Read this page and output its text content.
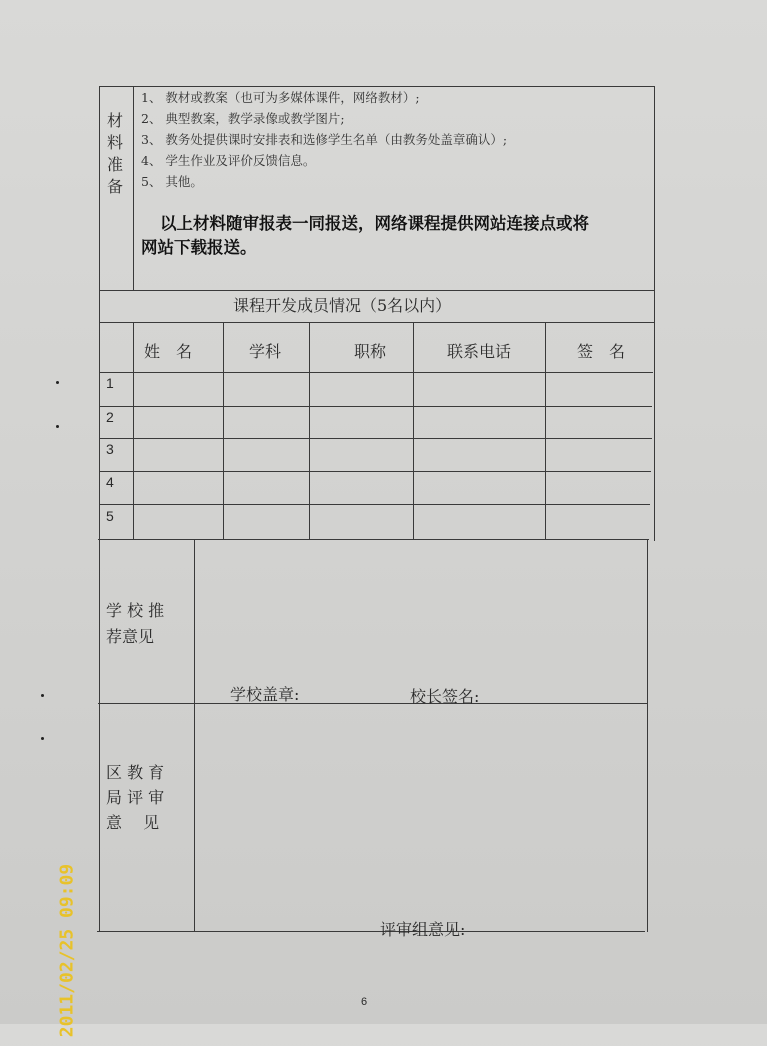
材料准备
1、 教材或教案（也可为多媒体课件，网络教材）;
2、 典型教案，教学录像或教学图片;
3、 教务处提供课时安排表和选修学生名单（由教务处盖章确认）;
4、 学生作业及评价反馈信息。
5、 其他。
以上材料随审报表一同报送，网络课程提供网站连接点或将
网站下载报送。
课程开发成员情况（5名以内）
姓　名	学科	职称	联系电话	签　名
1
2
3
4
5
学 校 推
荐意见
学校盖章:	校长签名:
区 教 育
局 评 审
意　 见
评审组意见:
6
2011/02/25 09:09
